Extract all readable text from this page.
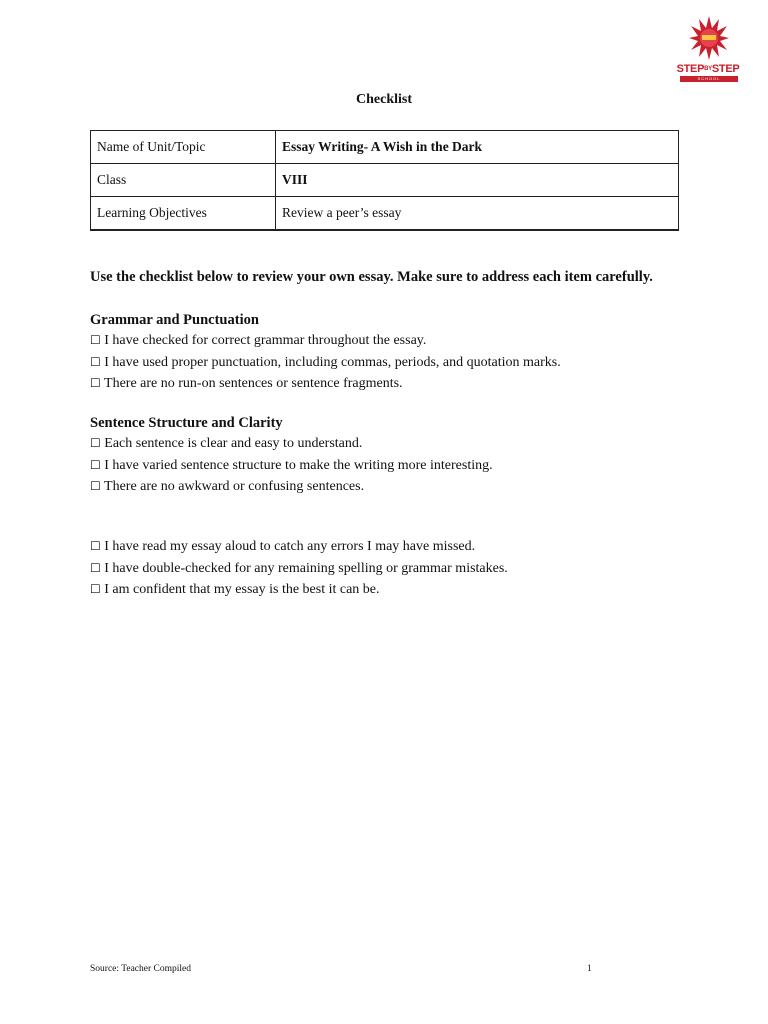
STEPBYSTEP
SCHOOL
Checklist
Name of Unit/Topic	Essay Writing- A Wish in the Dark
Class	VIII
Learning Objectives	Review a peer’s essay
Use the checklist below to review your own essay. Make sure to address each item carefully.
Grammar and Punctuation
☐ I have checked for correct grammar throughout the essay.
☐ I have used proper punctuation, including commas, periods, and quotation marks.
☐ There are no run-on sentences or sentence fragments.
Sentence Structure and Clarity
☐ Each sentence is clear and easy to understand.
☐ I have varied sentence structure to make the writing more interesting.
☐ There are no awkward or confusing sentences.
☐ I have read my essay aloud to catch any errors I may have missed.
☐ I have double-checked for any remaining spelling or grammar mistakes.
☐ I am confident that my essay is the best it can be.
Source: Teacher Compiled	1
